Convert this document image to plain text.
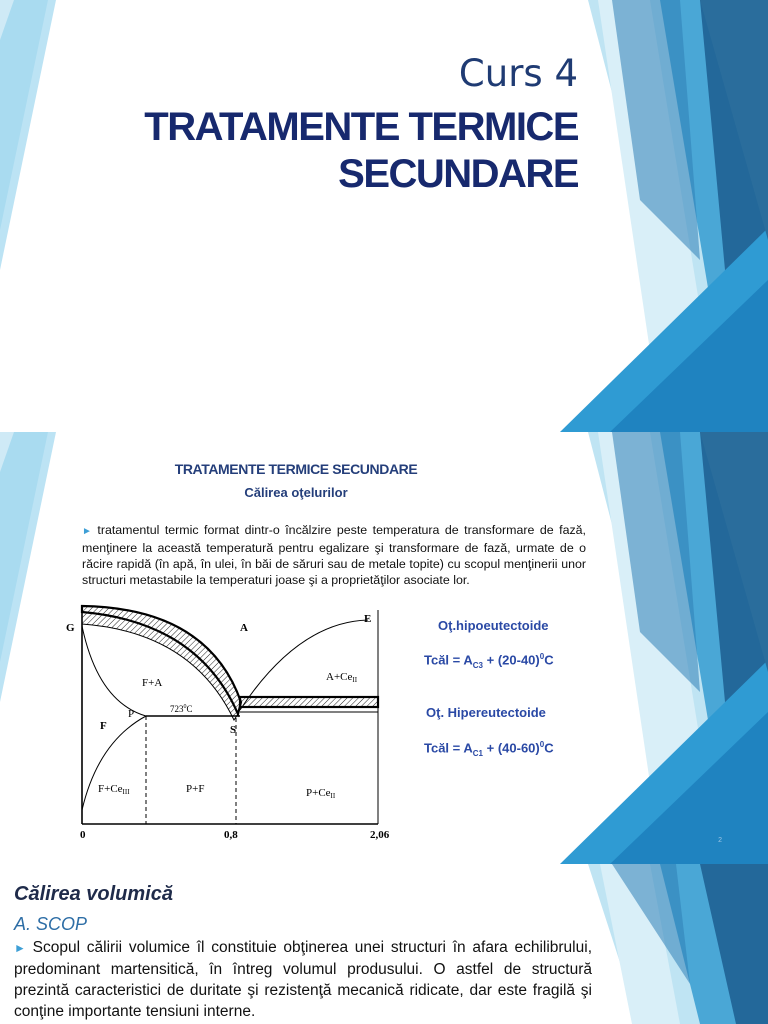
Curs 4
TRATAMENTE TERMICE
SECUNDARE
TRATAMENTE TERMICE SECUNDARE
Călirea oţelurilor
► tratamentul termic format dintr-o încălzire peste temperatura de transformare de fază, menţinere la această temperatură pentru egalizare şi transformare de fază, urmate de o răcire rapidă (în apă, în ulei, în băi de săruri sau de metale topite) cu scopul menţinerii unor structuri metastabile la temperaturi joase şi a proprietăţilor asociate lor.
G	A
E
F+A	A+CeII
$723^0C$
P
F	S
F+CeIII	P+F	P+CeII
0	0,8	2,06
Oţ.hipoeutectoide
Tcăl = $A_{C3} + (20-40)^0C$
Oţ. Hipereutectoide
Tcăl = $A_{C1} + (40-60)^0C$
2
Călirea volumică
A. SCOP
► Scopul călirii volumice îl constituie obţinerea unei structuri în afara echilibrului, predominant martensitică, în întreg volumul produsului. O astfel de structură prezintă caracteristici de duritate şi rezistenţă mecanică ridicate, dar este fragilă şi conţine importante tensiuni interne.
